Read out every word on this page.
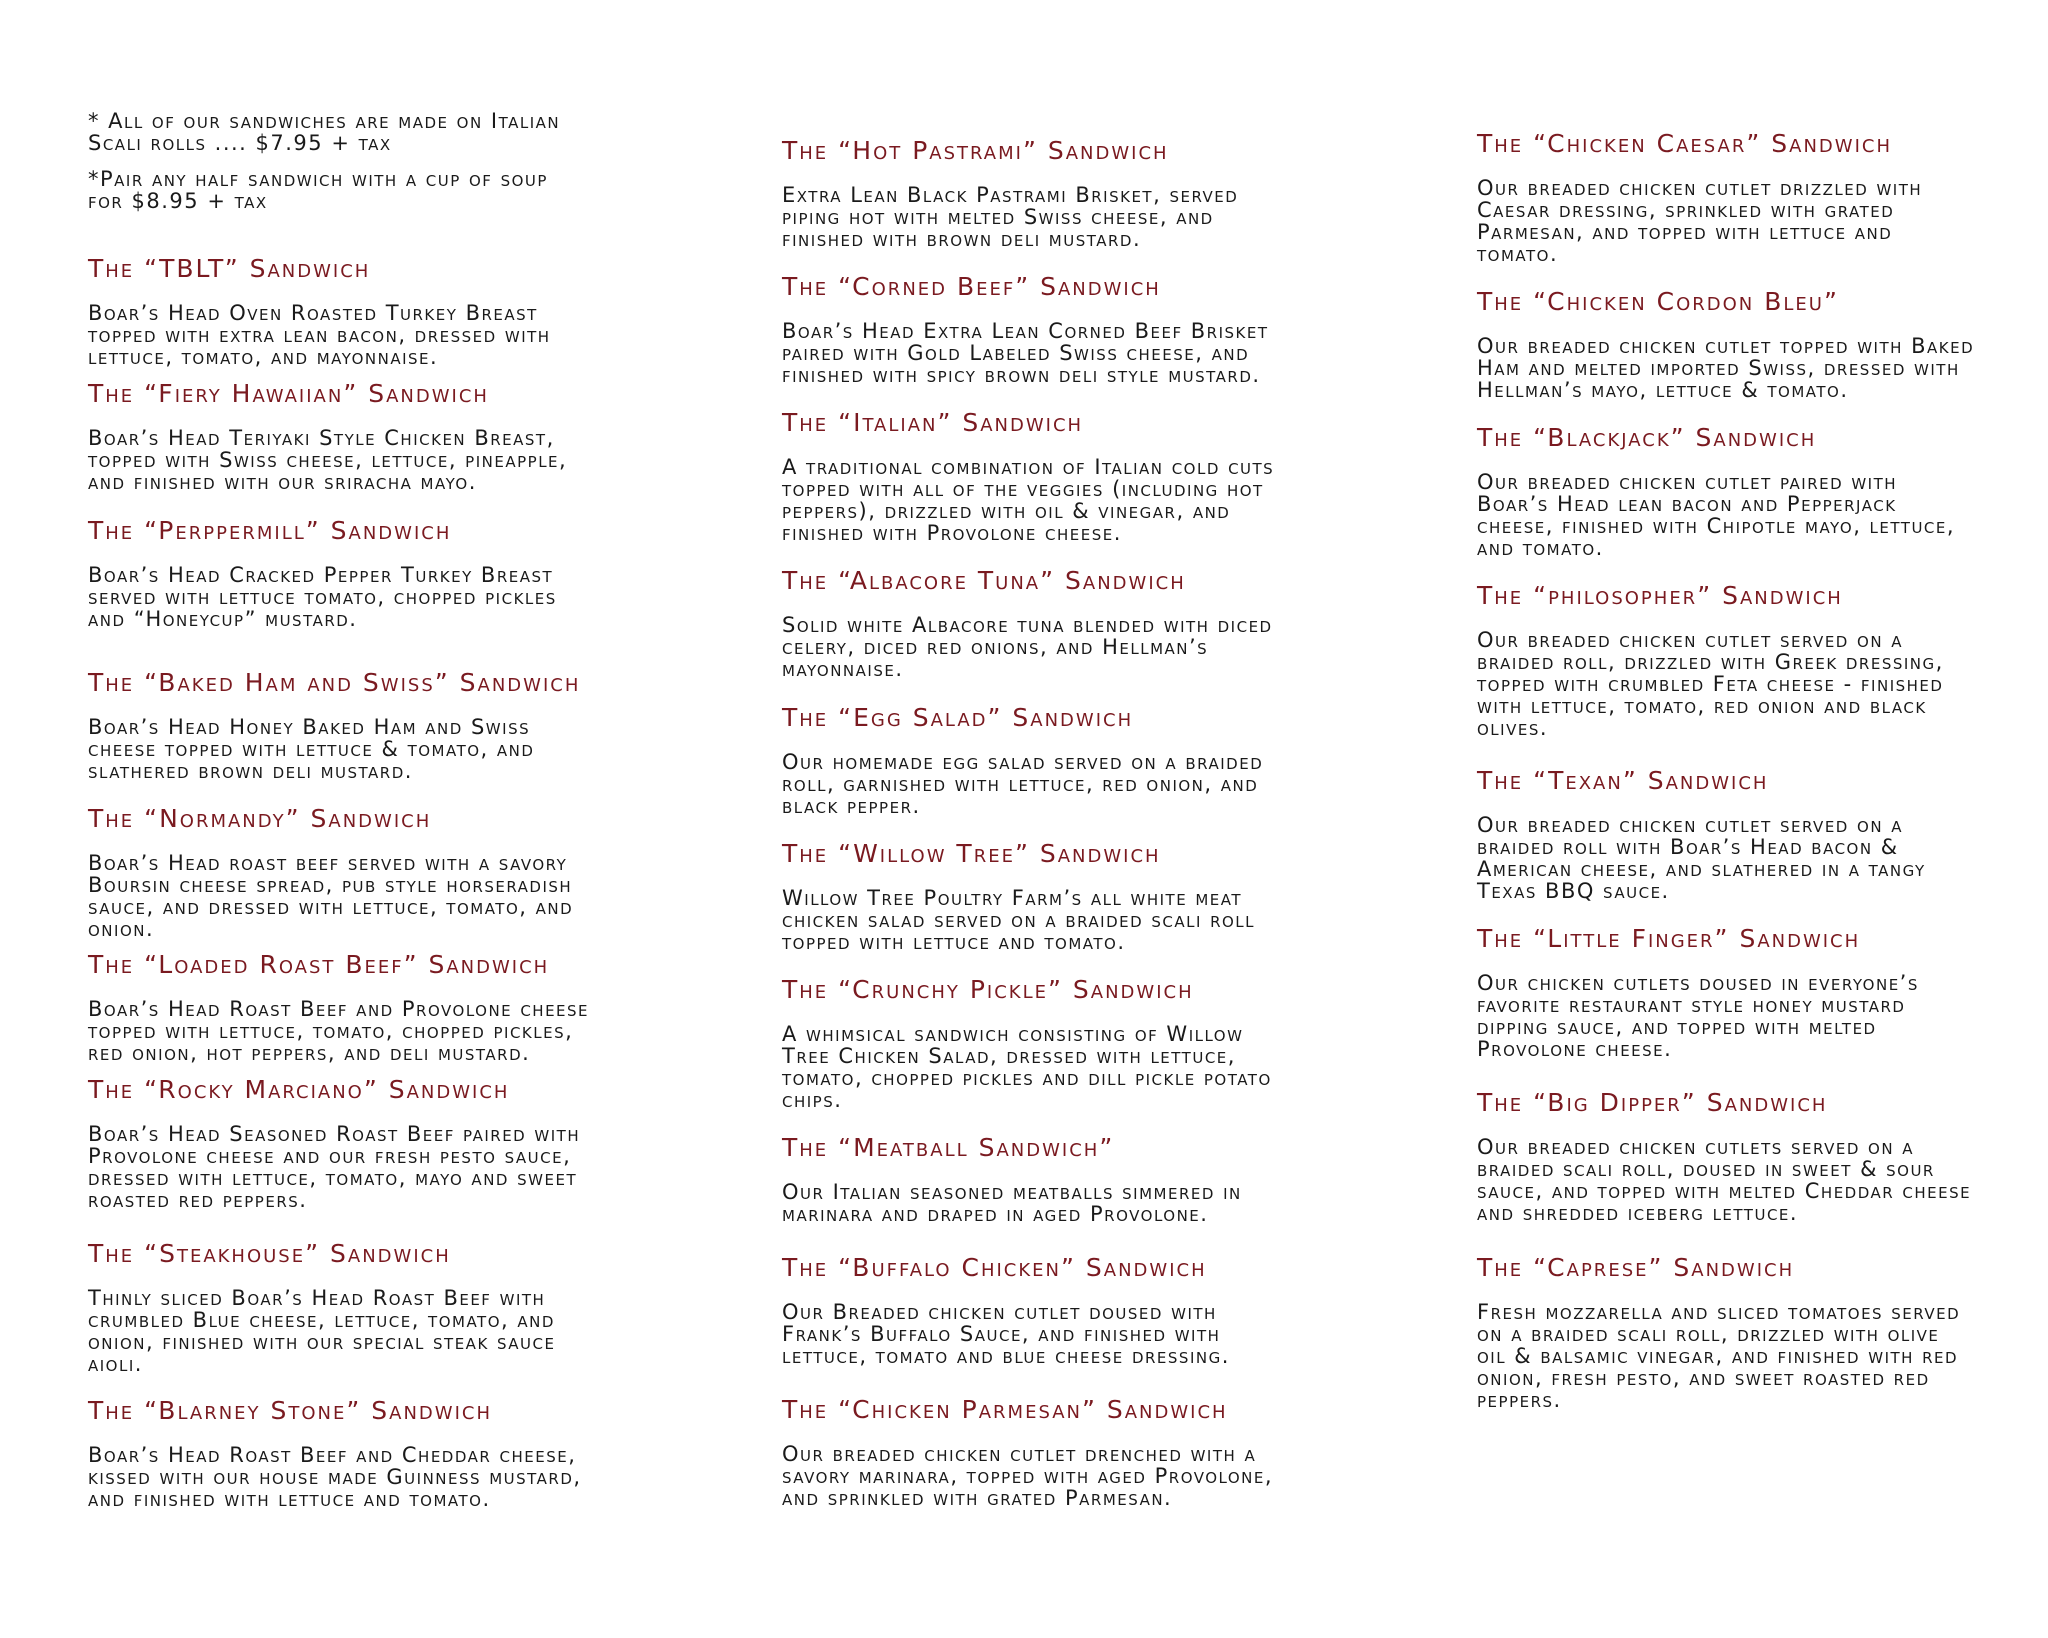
* All of our sandwiches are made on Italian
Scali rolls .... $7.95 + tax

*Pair any half sandwich with a cup of soup
for $8.95 + tax

The “TBLT” Sandwich

Boar’s Head Oven Roasted Turkey Breast
topped with extra lean bacon, dressed with
lettuce, tomato, and mayonnaise.

The “Fiery Hawaiian” Sandwich

Boar’s Head Teriyaki Style Chicken Breast,
topped with Swiss cheese, lettuce, pineapple,
and finished with our sriracha mayo.

The “Perppermill” Sandwich

Boar’s Head Cracked Pepper Turkey Breast
served with lettuce tomato, chopped pickles
and “Honeycup” mustard.

The “Baked Ham and Swiss” Sandwich

Boar’s Head Honey Baked Ham and Swiss
cheese topped with lettuce & tomato, and
slathered brown deli mustard.

The “Normandy” Sandwich

Boar’s Head roast beef served with a savory
Boursin cheese spread, pub style horseradish
sauce, and dressed with lettuce, tomato, and
onion.

The “Loaded Roast Beef” Sandwich

Boar’s Head Roast Beef and Provolone cheese
topped with lettuce, tomato, chopped pickles,
red onion, hot peppers, and deli mustard.

The “Rocky Marciano” Sandwich

Boar’s Head Seasoned Roast Beef paired with
Provolone cheese and our fresh pesto sauce,
dressed with lettuce, tomato, mayo and sweet
roasted red peppers.

The “Steakhouse” Sandwich

Thinly sliced Boar’s Head Roast Beef with
crumbled Blue cheese, lettuce, tomato, and
onion, finished with our special steak sauce
aioli.

The “Blarney Stone” Sandwich

Boar’s Head Roast Beef and Cheddar cheese,
kissed with our house made Guinness mustard,
and finished with lettuce and tomato.

The “Hot Pastrami” Sandwich

Extra Lean Black Pastrami Brisket, served
piping hot with melted Swiss cheese, and
finished with brown deli mustard.

The “Corned Beef” Sandwich

Boar’s Head Extra Lean Corned Beef Brisket
paired with Gold Labeled Swiss cheese, and
finished with spicy brown deli style mustard.

The “Italian” Sandwich

A traditional combination of Italian cold cuts
topped with all of the veggies (including hot
peppers), drizzled with oil & vinegar, and
finished with Provolone cheese.

The “Albacore Tuna” Sandwich

Solid white Albacore tuna blended with diced
celery, diced red onions, and Hellman’s
mayonnaise.

The “Egg Salad” Sandwich

Our homemade egg salad served on a braided
roll, garnished with lettuce, red onion, and
black pepper.

The “Willow Tree” Sandwich

Willow Tree Poultry Farm’s all white meat
chicken salad served on a braided scali roll
topped with lettuce and tomato.

The “Crunchy Pickle” Sandwich

A whimsical sandwich consisting of Willow
Tree Chicken Salad, dressed with lettuce,
tomato, chopped pickles and dill pickle potato
chips.

The “Meatball Sandwich”

Our Italian seasoned meatballs simmered in
marinara and draped in aged Provolone.

The “Buffalo Chicken” Sandwich

Our Breaded chicken cutlet doused with
Frank’s Buffalo Sauce, and finished with
lettuce, tomato and blue cheese dressing.

The “Chicken Parmesan” Sandwich

Our breaded chicken cutlet drenched with a
savory marinara, topped with aged Provolone,
and sprinkled with grated Parmesan.

The “Chicken Caesar” Sandwich

Our breaded chicken cutlet drizzled with
Caesar dressing, sprinkled with grated
Parmesan, and topped with lettuce and
tomato.

The “Chicken Cordon Bleu”

Our breaded chicken cutlet topped with Baked
Ham and melted imported Swiss, dressed with
Hellman’s mayo, lettuce & tomato.

The “Blackjack” Sandwich

Our breaded chicken cutlet paired with
Boar’s Head lean bacon and Pepperjack
cheese, finished with Chipotle mayo, lettuce,
and tomato.

The “philosopher” Sandwich

Our breaded chicken cutlet served on a
braided roll, drizzled with Greek dressing,
topped with crumbled Feta cheese - finished
with lettuce, tomato, red onion and black
olives.

The “Texan” Sandwich

Our breaded chicken cutlet served on a
braided roll with Boar’s Head bacon &
American cheese, and slathered in a tangy
Texas BBQ sauce.

The “Little Finger” Sandwich

Our chicken cutlets doused in everyone’s
favorite restaurant style honey mustard
dipping sauce, and topped with melted
Provolone cheese.

The “Big Dipper” Sandwich

Our breaded chicken cutlets served on a
braided scali roll, doused in sweet & sour
sauce, and topped with melted Cheddar cheese
and shredded iceberg lettuce.

The “Caprese” Sandwich

Fresh mozzarella and sliced tomatoes served
on a braided scali roll, drizzled with olive
oil & balsamic vinegar, and finished with red
onion, fresh pesto, and sweet roasted red
peppers.
